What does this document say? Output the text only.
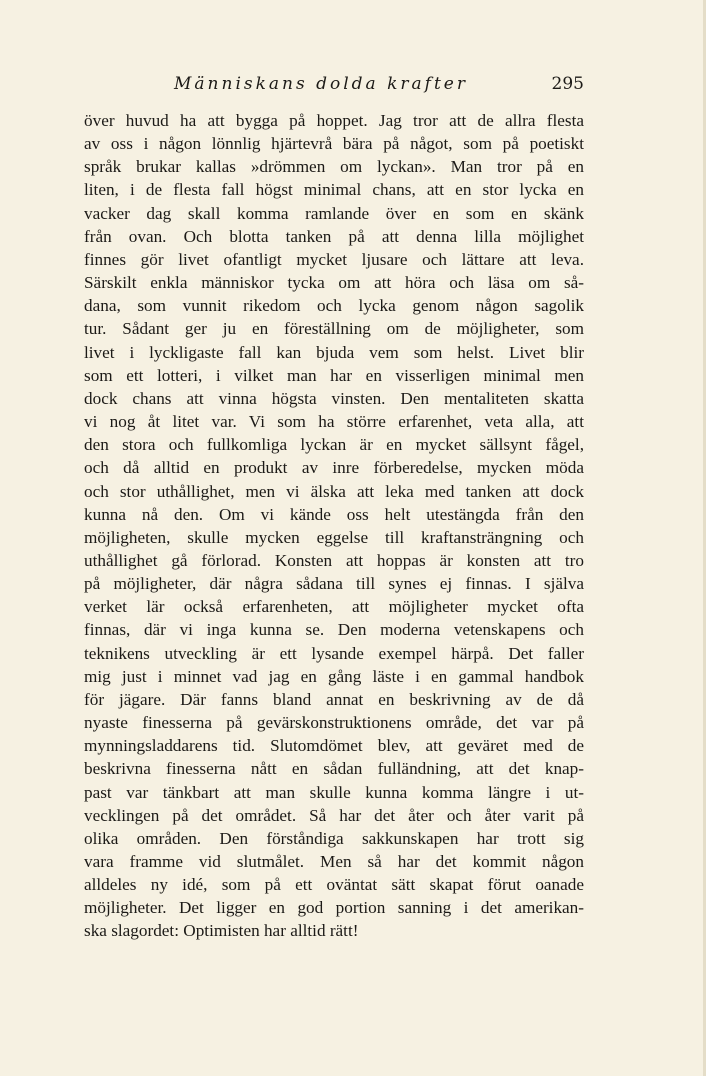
Människans dolda krafter	295
över huvud ha att bygga på hoppet. Jag tror att de allra flesta
av oss i någon lönnlig hjärtevrå bära på något, som på poetiskt
språk brukar kallas »drömmen om lyckan». Man tror på en
liten, i de flesta fall högst minimal chans, att en stor lycka en
vacker dag skall komma ramlande över en som en skänk
från ovan. Och blotta tanken på att denna lilla möjlighet
finnes gör livet ofantligt mycket ljusare och lättare att leva.
Särskilt enkla människor tycka om att höra och läsa om så-
dana, som vunnit rikedom och lycka genom någon sagolik
tur. Sådant ger ju en föreställning om de möjligheter, som
livet i lyckligaste fall kan bjuda vem som helst. Livet blir
som ett lotteri, i vilket man har en visserligen minimal men
dock chans att vinna högsta vinsten. Den mentaliteten skatta
vi nog åt litet var. Vi som ha större erfarenhet, veta alla, att
den stora och fullkomliga lyckan är en mycket sällsynt fågel,
och då alltid en produkt av inre förberedelse, mycken möda
och stor uthållighet, men vi älska att leka med tanken att dock
kunna nå den. Om vi kände oss helt utestängda från den
möjligheten, skulle mycken eggelse till kraftansträngning och
uthållighet gå förlorad. Konsten att hoppas är konsten att tro
på möjligheter, där några sådana till synes ej finnas. I själva
verket lär också erfarenheten, att möjligheter mycket ofta
finnas, där vi inga kunna se. Den moderna vetenskapens och
teknikens utveckling är ett lysande exempel härpå. Det faller
mig just i minnet vad jag en gång läste i en gammal handbok
för jägare. Där fanns bland annat en beskrivning av de då
nyaste finesserna på gevärskonstruktionens område, det var på
mynningsladdarens tid. Slutomdömet blev, att geväret med de
beskrivna finesserna nått en sådan fulländning, att det knap-
past var tänkbart att man skulle kunna komma längre i ut-
vecklingen på det området. Så har det åter och åter varit på
olika områden. Den förståndiga sakkunskapen har trott sig
vara framme vid slutmålet. Men så har det kommit någon
alldeles ny idé, som på ett oväntat sätt skapat förut oanade
möjligheter. Det ligger en god portion sanning i det amerikan-
ska slagordet: Optimisten har alltid rätt!
